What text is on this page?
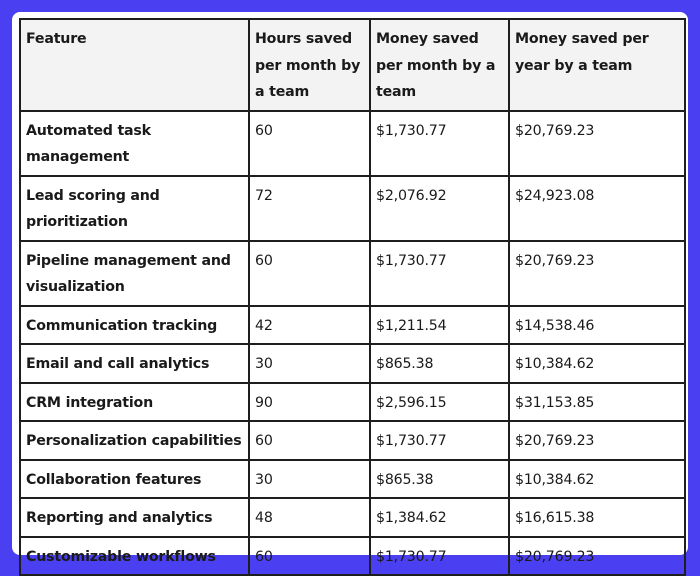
Feature	Hours saved per month by a team	Money saved per month by a team	Money saved per year by a team
Automated task management	60	$1,730.77	$20,769.23
Lead scoring and prioritization	72	$2,076.92	$24,923.08
Pipeline management and visualization	60	$1,730.77	$20,769.23
Communication tracking	42	$1,211.54	$14,538.46
Email and call analytics	30	$865.38	$10,384.62
CRM integration	90	$2,596.15	$31,153.85
Personalization capabilities	60	$1,730.77	$20,769.23
Collaboration features	30	$865.38	$10,384.62
Reporting and analytics	48	$1,384.62	$16,615.38
Customizable workflows	60	$1,730.77	$20,769.23
